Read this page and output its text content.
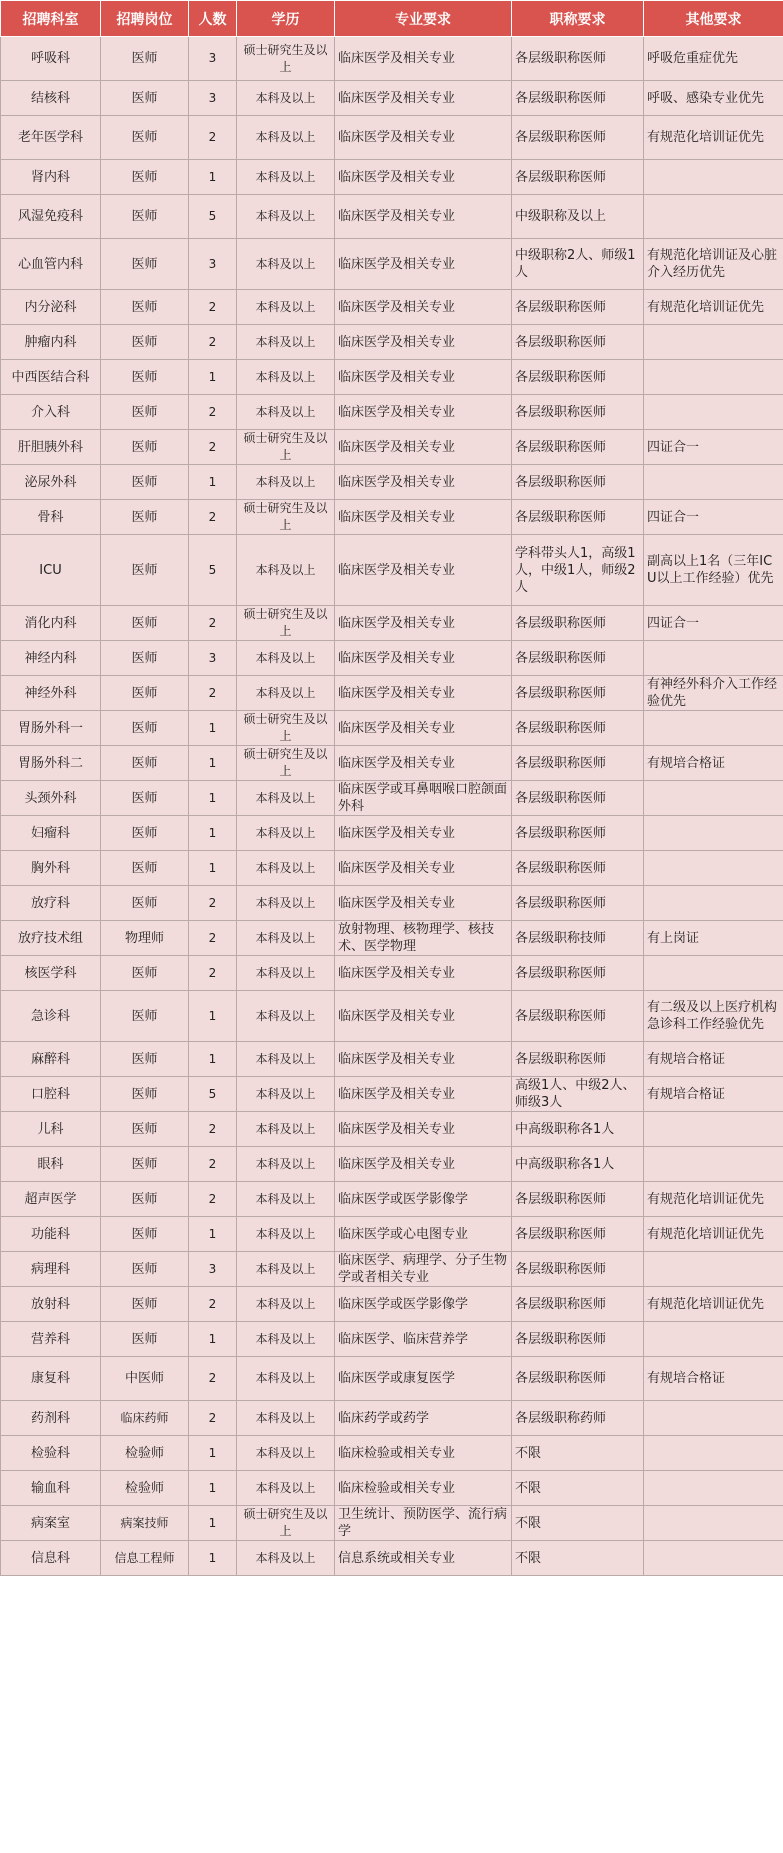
招聘科室	招聘岗位	人数	学历	专业要求	职称要求	其他要求
呼吸科	医师	3	硕士研究生及以上	临床医学及相关专业	各层级职称医师	呼吸危重症优先
结核科	医师	3	本科及以上	临床医学及相关专业	各层级职称医师	呼吸、感染专业优先
老年医学科	医师	2	本科及以上	临床医学及相关专业	各层级职称医师	有规范化培训证优先
肾内科	医师	1	本科及以上	临床医学及相关专业	各层级职称医师	
风湿免疫科	医师	5	本科及以上	临床医学及相关专业	中级职称及以上	
心血管内科	医师	3	本科及以上	临床医学及相关专业	中级职称2人、师级1人	有规范化培训证及心脏介入经历优先
内分泌科	医师	2	本科及以上	临床医学及相关专业	各层级职称医师	有规范化培训证优先
肿瘤内科	医师	2	本科及以上	临床医学及相关专业	各层级职称医师	
中西医结合科	医师	1	本科及以上	临床医学及相关专业	各层级职称医师	
介入科	医师	2	本科及以上	临床医学及相关专业	各层级职称医师	
肝胆胰外科	医师	2	硕士研究生及以上	临床医学及相关专业	各层级职称医师	四证合一
泌尿外科	医师	1	本科及以上	临床医学及相关专业	各层级职称医师	
骨科	医师	2	硕士研究生及以上	临床医学及相关专业	各层级职称医师	四证合一
ICU	医师	5	本科及以上	临床医学及相关专业	学科带头人1，高级1人，中级1人，师级2人	副高以上1名（三年ICU以上工作经验）优先
消化内科	医师	2	硕士研究生及以上	临床医学及相关专业	各层级职称医师	四证合一
神经内科	医师	3	本科及以上	临床医学及相关专业	各层级职称医师	
神经外科	医师	2	本科及以上	临床医学及相关专业	各层级职称医师	有神经外科介入工作经验优先
胃肠外科一	医师	1	硕士研究生及以上	临床医学及相关专业	各层级职称医师	
胃肠外科二	医师	1	硕士研究生及以上	临床医学及相关专业	各层级职称医师	有规培合格证
头颈外科	医师	1	本科及以上	临床医学或耳鼻咽喉口腔颌面外科	各层级职称医师	
妇瘤科	医师	1	本科及以上	临床医学及相关专业	各层级职称医师	
胸外科	医师	1	本科及以上	临床医学及相关专业	各层级职称医师	
放疗科	医师	2	本科及以上	临床医学及相关专业	各层级职称医师	
放疗技术组	物理师	2	本科及以上	放射物理、核物理学、核技术、医学物理	各层级职称技师	有上岗证
核医学科	医师	2	本科及以上	临床医学及相关专业	各层级职称医师	
急诊科	医师	1	本科及以上	临床医学及相关专业	各层级职称医师	有二级及以上医疗机构急诊科工作经验优先
麻醉科	医师	1	本科及以上	临床医学及相关专业	各层级职称医师	有规培合格证
口腔科	医师	5	本科及以上	临床医学及相关专业	高级1人、中级2人、师级3人	有规培合格证
儿科	医师	2	本科及以上	临床医学及相关专业	中高级职称各1人	
眼科	医师	2	本科及以上	临床医学及相关专业	中高级职称各1人	
超声医学	医师	2	本科及以上	临床医学或医学影像学	各层级职称医师	有规范化培训证优先
功能科	医师	1	本科及以上	临床医学或心电图专业	各层级职称医师	有规范化培训证优先
病理科	医师	3	本科及以上	临床医学、病理学、分子生物学或者相关专业	各层级职称医师	
放射科	医师	2	本科及以上	临床医学或医学影像学	各层级职称医师	有规范化培训证优先
营养科	医师	1	本科及以上	临床医学、临床营养学	各层级职称医师	
康复科	中医师	2	本科及以上	临床医学或康复医学	各层级职称医师	有规培合格证
药剂科	临床药师	2	本科及以上	临床药学或药学	各层级职称药师	
检验科	检验师	1	本科及以上	临床检验或相关专业	不限	
输血科	检验师	1	本科及以上	临床检验或相关专业	不限	
病案室	病案技师	1	硕士研究生及以上	卫生统计、预防医学、流行病学	不限	
信息科	信息工程师	1	本科及以上	信息系统或相关专业	不限	
